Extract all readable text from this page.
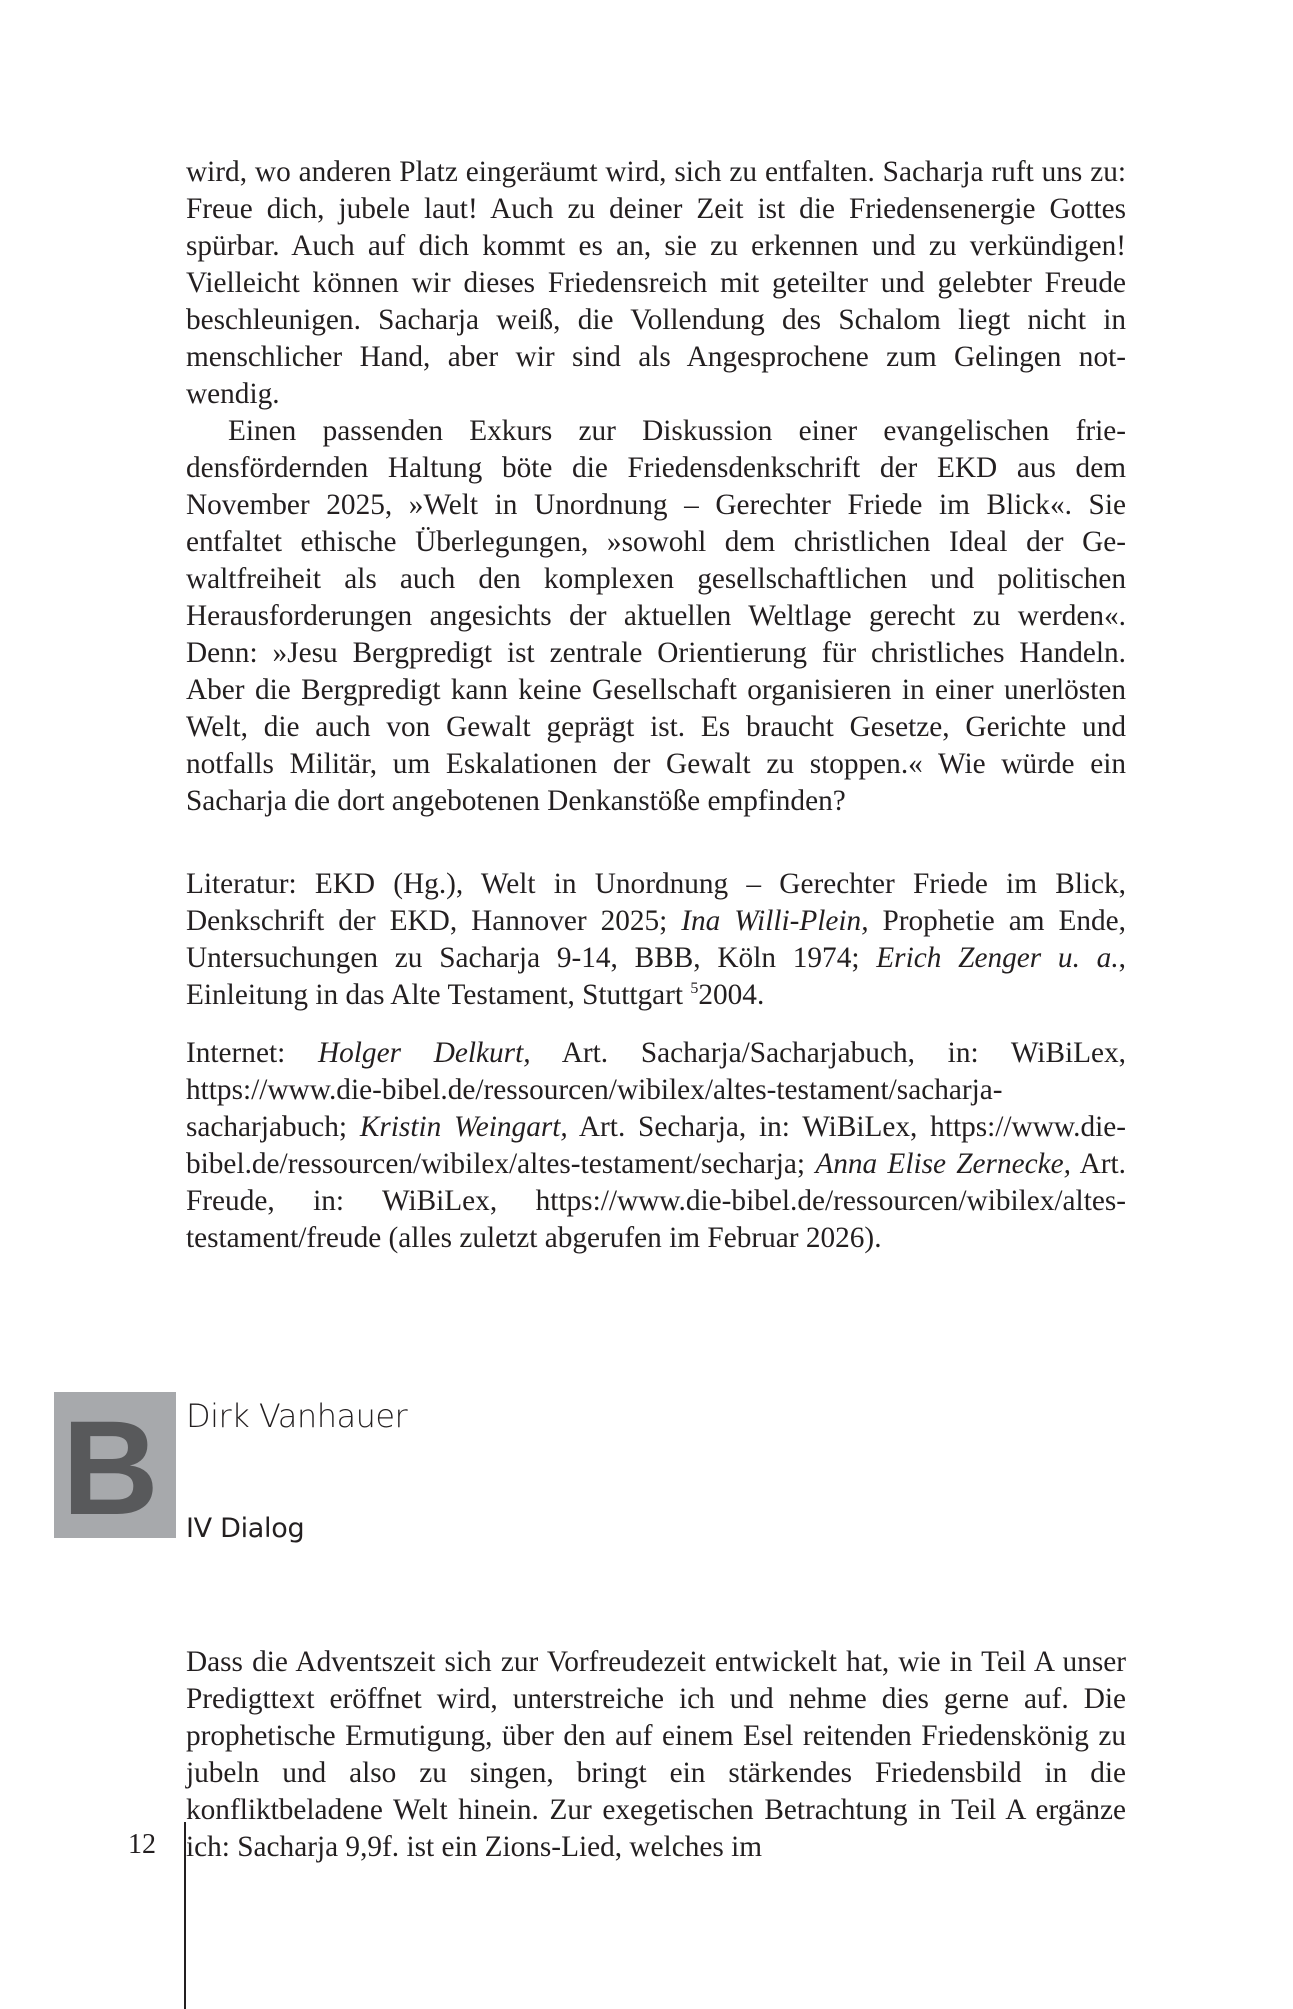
wird, wo anderen Platz eingeräumt wird, sich zu entfalten. Sacharja ruft uns zu: Freue dich, jubele laut! Auch zu deiner Zeit ist die Friedensenergie Gottes spürbar. Auch auf dich kommt es an, sie zu erkennen und zu verkündigen! Vielleicht können wir dieses Friedensreich mit geteilter und gelebter Freude beschleunigen. Sacharja weiß, die Vollendung des Schalom liegt nicht in menschlicher Hand, aber wir sind als Angesprochene zum Gelingen not-wendig.

Einen passenden Exkurs zur Diskussion einer evangelischen friedensfördernden Haltung böte die Friedensdenkschrift der EKD aus dem November 2025, »Welt in Unordnung – Gerechter Friede im Blick«. Sie entfaltet ethische Überlegungen, »sowohl dem christlichen Ideal der Gewaltfreiheit als auch den komplexen gesellschaftlichen und politischen Herausforderungen angesichts der aktuellen Weltlage gerecht zu werden«. Denn: »Jesu Bergpredigt ist zentrale Orientierung für christliches Handeln. Aber die Bergpredigt kann keine Gesellschaft organisieren in einer unerlösten Welt, die auch von Gewalt geprägt ist. Es braucht Gesetze, Gerichte und notfalls Militär, um Eskalationen der Gewalt zu stoppen.« Wie würde ein Sacharja die dort angebotenen Denkanstöße empfinden?

Literatur: EKD (Hg.), Welt in Unordnung – Gerechter Friede im Blick, Denkschrift der EKD, Hannover 2025; Ina Willi-Plein, Prophetie am Ende, Untersuchungen zu Sacharja 9-14, BBB, Köln 1974; Erich Zenger u. a., Einleitung in das Alte Testament, Stuttgart $^5$2004.

Internet: Holger Delkurt, Art. Sacharja/Sacharjabuch, in: WiBiLex, https://www.die-bibel.de/ressourcen/wibilex/altes-testament/sacharja-​sacharjabuch; Kristin Weingart, Art. Secharja, in: WiBiLex, https://www.​die-bibel.de/ressourcen/wibilex/altes-testament/secharja; Anna Elise Zernecke, Art. Freude, in: WiBiLex, https://www.die-bibel.de/ressourcen/wibilex/altes-testament/freude (alles zuletzt abgerufen im Februar 2026).

B Dirk Vanhauer
IV Dialog

Dass die Adventszeit sich zur Vorfreudezeit entwickelt hat, wie in Teil A unser Predigttext eröffnet wird, unterstreiche ich und nehme dies gerne auf. Die prophetische Ermutigung, über den auf einem Esel reitenden Friedenskönig zu jubeln und also zu singen, bringt ein stärkendes Friedensbild in die konfliktbeladene Welt hinein. Zur exegetischen Betrachtung in Teil A ergänze ich: Sacharja 9,9f. ist ein Zions-Lied, welches im

12
